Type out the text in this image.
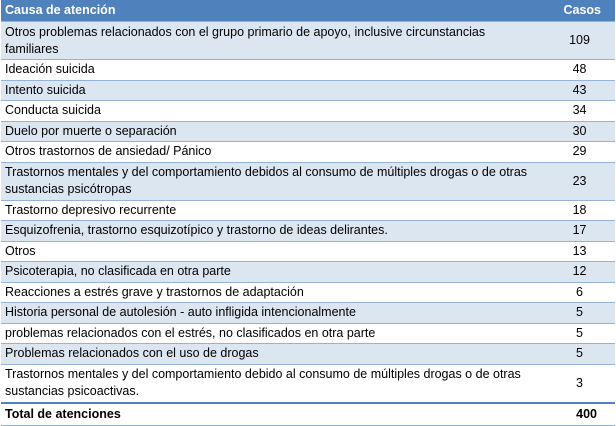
Causa de atención	Casos
Otros problemas relacionados con el grupo primario de apoyo, inclusive circunstancias familiares	109
Ideación suicida	48
Intento suicida	43
Conducta suicida	34
Duelo por muerte o separación	30
Otros trastornos de ansiedad/ Pánico	29
Trastornos mentales y del comportamiento debidos al consumo de múltiples drogas o de otras sustancias psicótropas	23
Trastorno depresivo recurrente	18
Esquizofrenia, trastorno esquizotípico y trastorno de ideas delirantes.	17
Otros	13
Psicoterapia, no clasificada en otra parte	12
Reacciones a estrés grave y trastornos de adaptación	6
Historia personal de autolesión - auto infligida intencionalmente	5
problemas relacionados con el estrés, no clasificados en otra parte	5
Problemas relacionados con el uso de drogas	5
Trastornos mentales y del comportamiento debido al consumo de múltiples drogas o de otras sustancias psicoactivas.	3
Total de atenciones	400
